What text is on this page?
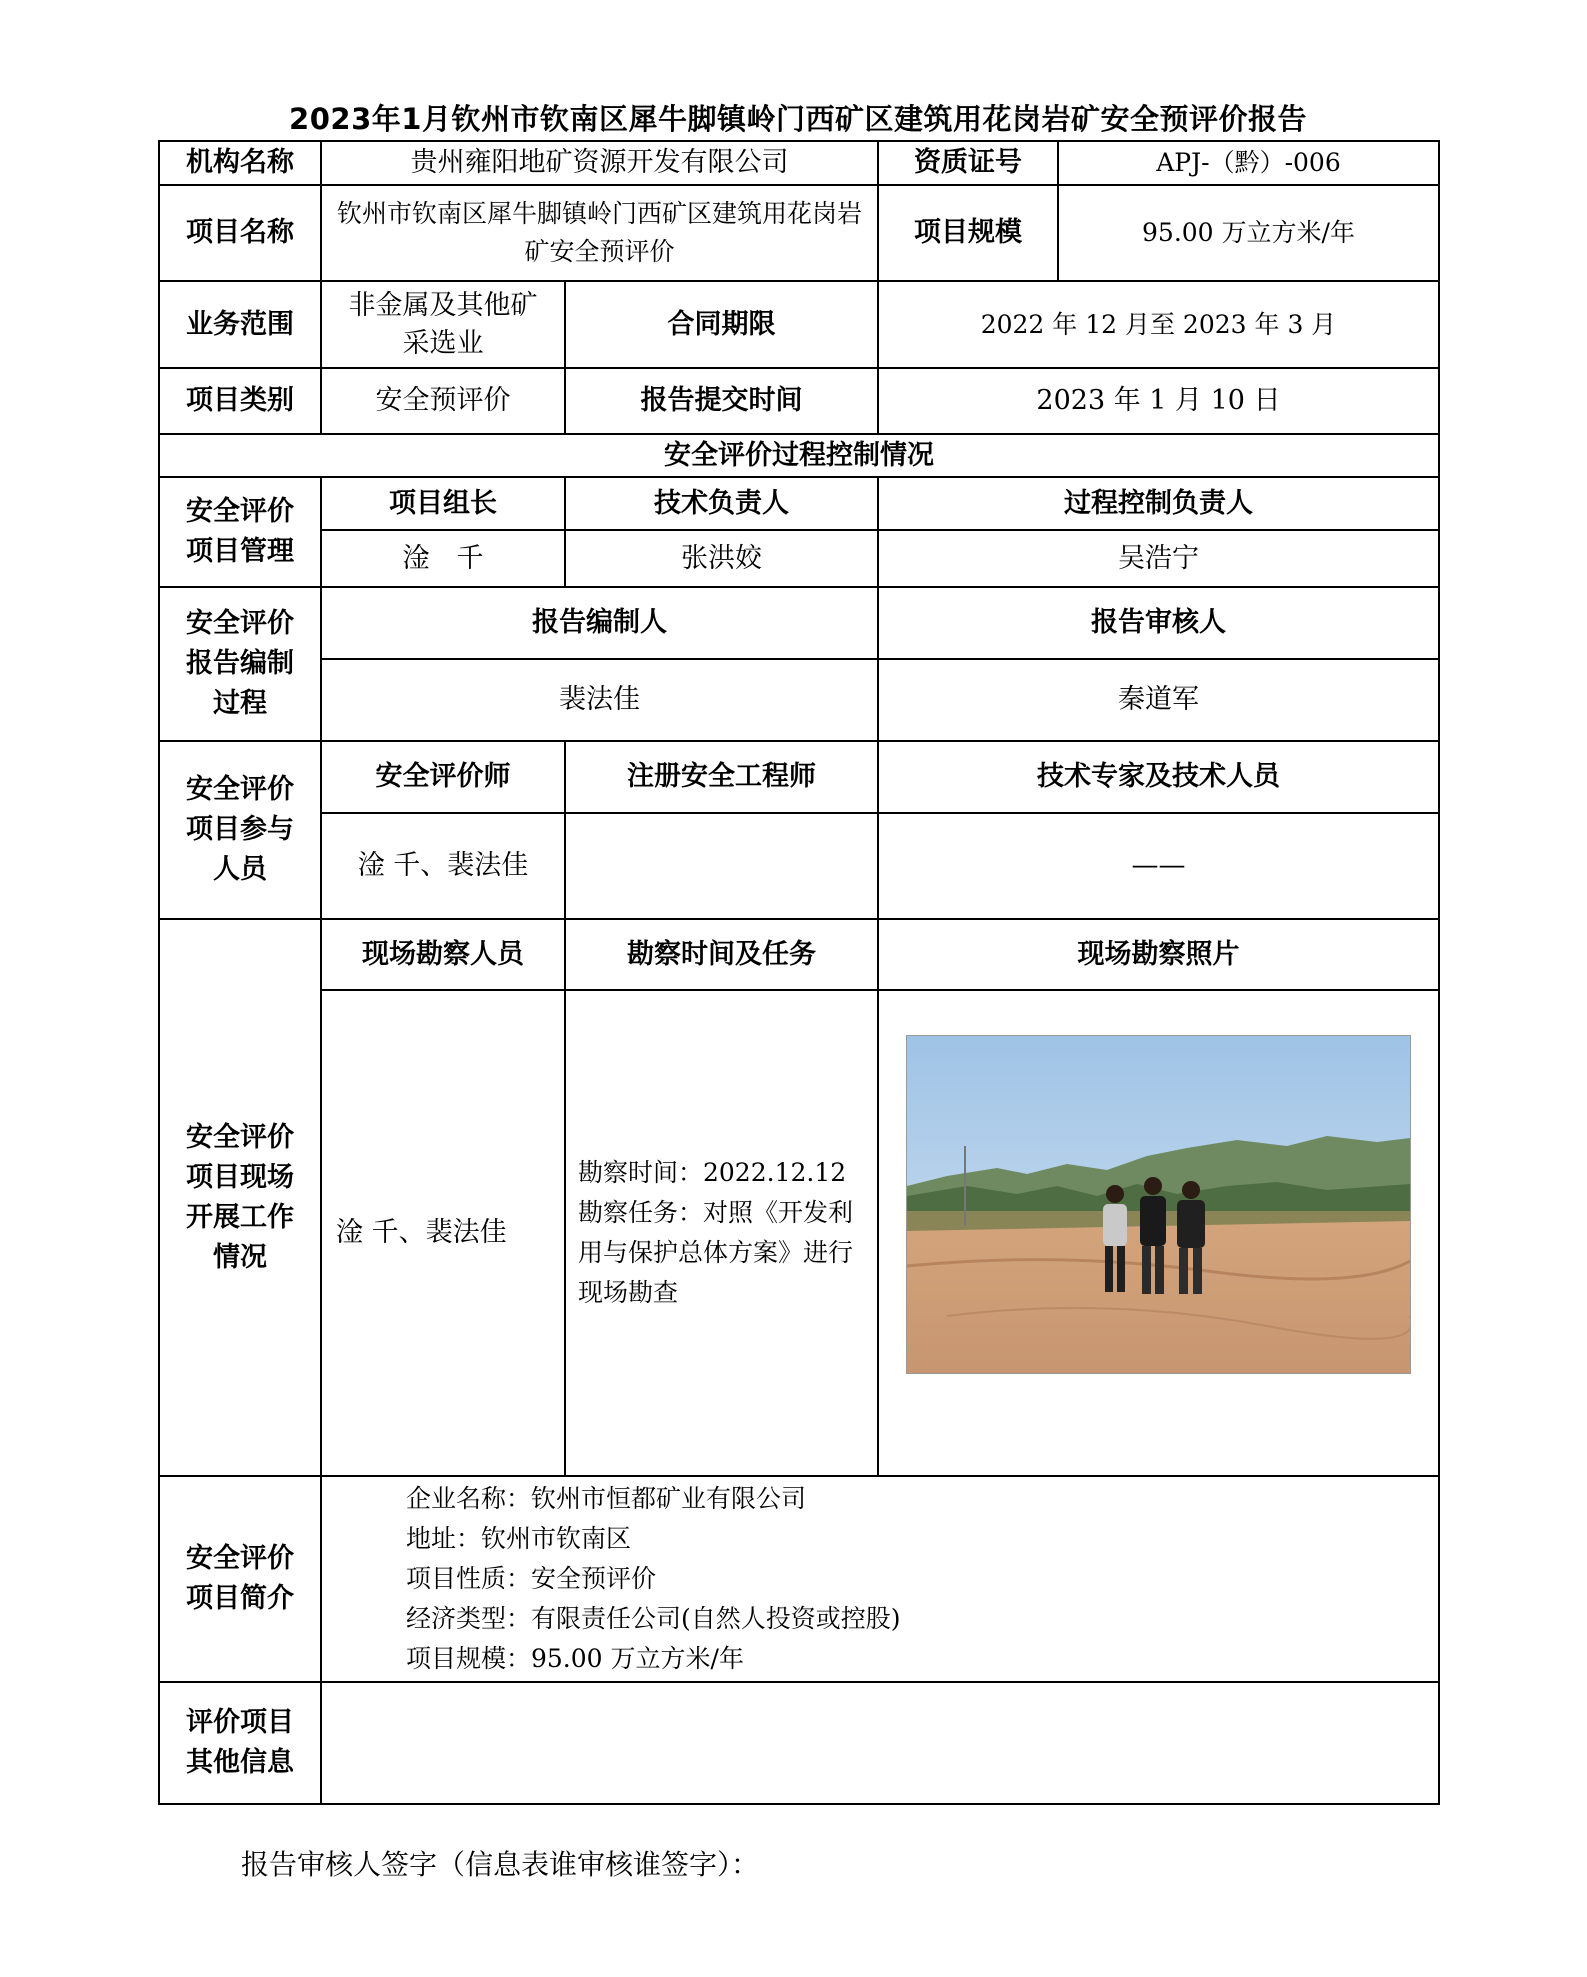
2023年1月钦州市钦南区犀牛脚镇岭门西矿区建筑用花岗岩矿安全预评价报告
机构名称	贵州雍阳地矿资源开发有限公司		资质证号	APJ-（黔）-006
项目名称	钦州市钦南区犀牛脚镇岭门西矿区建筑用花岗岩矿安全预评价		项目规模	95.00 万立方米/年
业务范围	非金属及其他矿采选业	合同期限	2022 年 12 月至 2023 年 3 月	
项目类别	安全预评价	报告提交时间	2023 年 1 月 10 日	
安全评价过程控制情况				
安全评价项目管理	项目组长	技术负责人	过程控制负责人	
	淦　千	张洪姣	吴浩宁	
安全评价报告编制过程	报告编制人		报告审核人	
	裴法佳		秦道军	
安全评价项目参与人员	安全评价师	注册安全工程师	技术专家及技术人员	
	淦 千、裴法佳		——	
安全评价项目现场开展工作情况	现场勘察人员	勘察时间及任务	现场勘察照片	
	淦 千、裴法佳	勘察时间：2022.12.12
勘察任务：对照《开发利用与保护总体方案》进行现场勘查

安全评价项目简介	企业名称：钦州市恒都矿业有限公司
地址：钦州市钦南区
项目性质：安全预评价
经济类型：有限责任公司(自然人投资或控股)
项目规模：95.00 万立方米/年			

评价项目其他信息				
报告审核人签字（信息表谁审核谁签字）：
